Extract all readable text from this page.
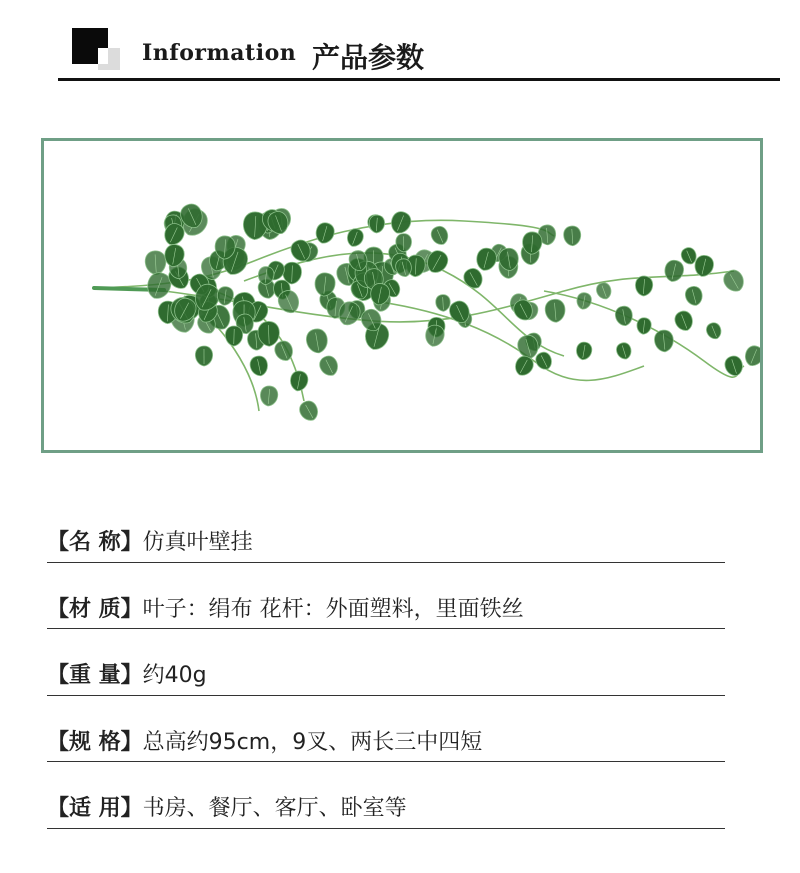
Information 产品参数
【名 称】仿真叶壁挂
【材 质】叶子：绢布 花杆：外面塑料，里面铁丝
【重 量】约40g
【规 格】总高约95cm，9叉、两长三中四短
【适 用】书房、餐厅、客厅、卧室等
